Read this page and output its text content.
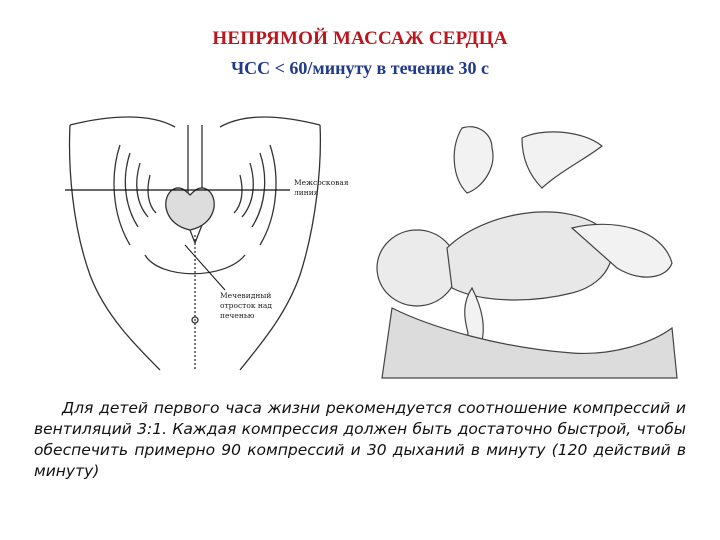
НЕПРЯМОЙ МАССАЖ СЕРДЦА
ЧСС < 60/минуту в течение 30 с
Межсосковая
линия
Мечевидный
отросток над
печенью
Для детей первого часа жизни рекомендуется соотношение компрессий и вентиляций 3:1. Каждая компрессия должен быть достаточно быстрой, чтобы обеспечить примерно 90 компрессий и 30 дыханий в минуту (120 действий в минуту)
